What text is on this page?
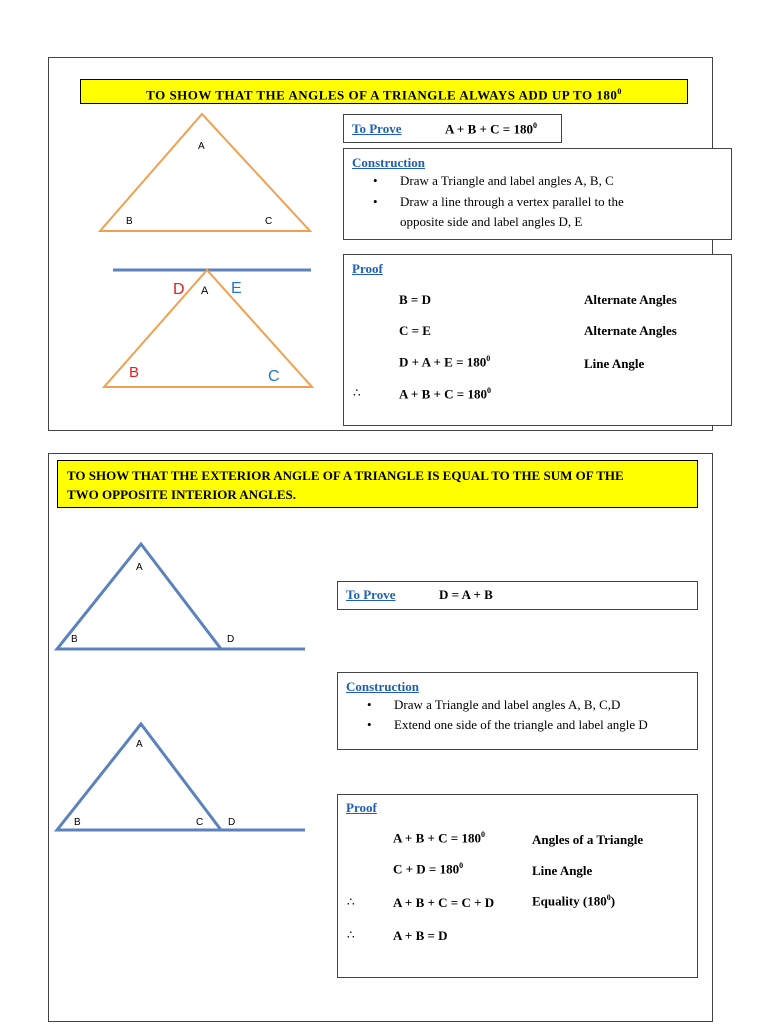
TO SHOW THAT THE ANGLES OF A TRIANGLE ALWAYS ADD UP TO $180^0$
A
B	C
D A E
B	C
To Prove	$A + B + C = 180^0$
Construction
• Draw a Triangle and label angles A, B, C
• Draw a line through a vertex parallel to the opposite side and label angles D, E
Proof
B = D	Alternate Angles
C = E	Alternate Angles
$D + A + E = 180^0$	Line Angle
∴	$A + B + C = 180^0$
TO SHOW THAT THE EXTERIOR ANGLE OF A TRIANGLE IS EQUAL TO THE SUM OF THE
TWO OPPOSITE INTERIOR ANGLES.
A
B	D
A
B	C D
To Prove	D = A + B
Construction
• Draw a Triangle and label angles A, B, C,D
• Extend one side of the triangle and label angle D
Proof
$A + B + C = 180^0$	Angles of a Triangle
$C + D = 180^0$	Line Angle
∴	A + B + C = C + D	Equality $(180^0)$
∴	A + B = D
